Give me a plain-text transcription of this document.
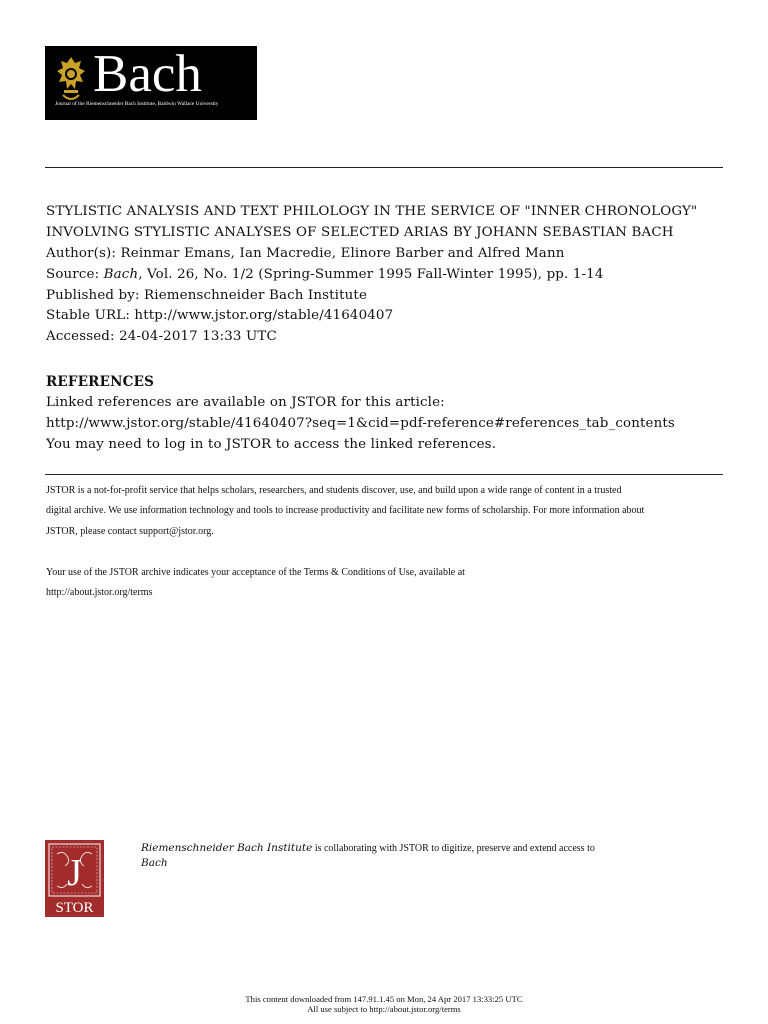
Bach
Journal of the Riemenschneider Bach Institute, Baldwin Wallace University
STYLISTIC ANALYSIS AND TEXT PHILOLOGY IN THE SERVICE OF "INNER CHRONOLOGY"
INVOLVING STYLISTIC ANALYSES OF SELECTED ARIAS BY JOHANN SEBASTIAN BACH
Author(s): Reinmar Emans, Ian Macredie, Elinore Barber and Alfred Mann
Source: Bach, Vol. 26, No. 1/2 (Spring-Summer 1995 Fall-Winter 1995), pp. 1-14
Published by: Riemenschneider Bach Institute
Stable URL: http://www.jstor.org/stable/41640407
Accessed: 24-04-2017 13:33 UTC
REFERENCES
Linked references are available on JSTOR for this article:
http://www.jstor.org/stable/41640407?seq=1&cid=pdf-reference#references_tab_contents
You may need to log in to JSTOR to access the linked references.
JSTOR is a not-for-profit service that helps scholars, researchers, and students discover, use, and build upon a wide range of content in a trusted
digital archive. We use information technology and tools to increase productivity and facilitate new forms of scholarship. For more information about
JSTOR, please contact support@jstor.org.
Your use of the JSTOR archive indicates your acceptance of the Terms & Conditions of Use, available at
http://about.jstor.org/terms
J
STOR
Riemenschneider Bach Institute is collaborating with JSTOR to digitize, preserve and extend access to
Bach
This content downloaded from 147.91.1.45 on Mon, 24 Apr 2017 13:33:25 UTC
All use subject to http://about.jstor.org/terms
